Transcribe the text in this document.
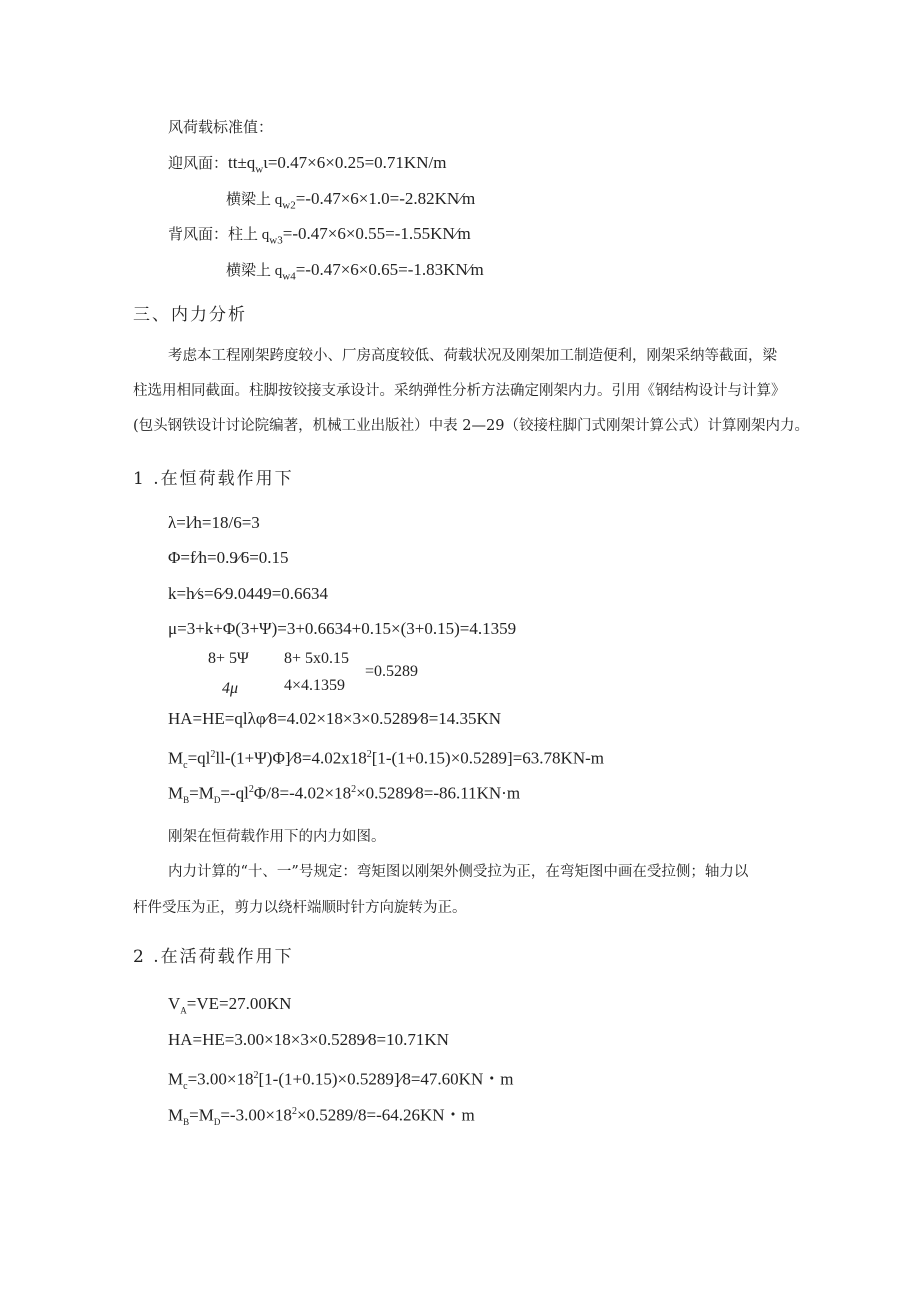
风荷载标准值：
迎风面：$tt\pm q_w\iota=0.47\times 6\times 0.25=0.71KN/m$
横梁上 $q_{w2}=-0.47\times 6\times 1.0=-2.82KN⁄m$
背风面：柱上 $q_{w3}=-0.47\times 6\times 0.55=-1.55KN⁄m$
横梁上 $q_{w4}=-0.47\times 6\times 0.65=-1.83KN⁄m$
三、内力分析
考虑本工程刚架跨度较小、厂房高度较低、荷载状况及刚架加工制造便利，刚架采纳等截面，梁
柱选用相同截面。柱脚按铰接支承设计。采纳弹性分析方法确定刚架内力。引用《钢结构设计与计算》
(包头钢铁设计讨论院编著，机械工业出版社）中表 2—29（铰接柱脚门式刚架计算公式）计算刚架内力。
1 .在恒荷载作用下
λ=l⁄h=18/6=3
Φ=f⁄h=0.9⁄6=0.15
k=h⁄s=6⁄9.0449=0.6634
μ=3+k+Φ(3+Ψ)=3+0.6634+0.15×(3+0.15)=4.1359
8+ 5Ψ
4μ
8+ 5x0.15
4×4.1359
=0.5289
HA=HE=qlλφ⁄8=4.02×18×3×0.5289⁄8=14.35KN
$M_c=ql^2ll-(1+\Psi)\Phi]⁄8=4.02x18^2[1-(1+0.15)\times 0.5289]=63.78KN-m$
$M_B=M_D=-ql^2\Phi/8=-4.02\times 18^2\times 0.5289⁄8=-86.11KN\cdot m$
刚架在恒荷载作用下的内力如图。
内力计算的“十、一”号规定：弯矩图以刚架外侧受拉为正，在弯矩图中画在受拉侧；轴力以
杆件受压为正，剪力以绕杆端顺时针方向旋转为正。
2 .在活荷载作用下
$V_A=VE=27.00KN$
HA=HE=3.00×18×3×0.5289⁄8=10.71KN
$M_c=3.00\times 18^2[1-(1+0.15)\times 0.5289]⁄8=47.60KN$・m
$M_B=M_D=-3.00\times 18^2\times 0.5289/8=-64.26KN$・m
